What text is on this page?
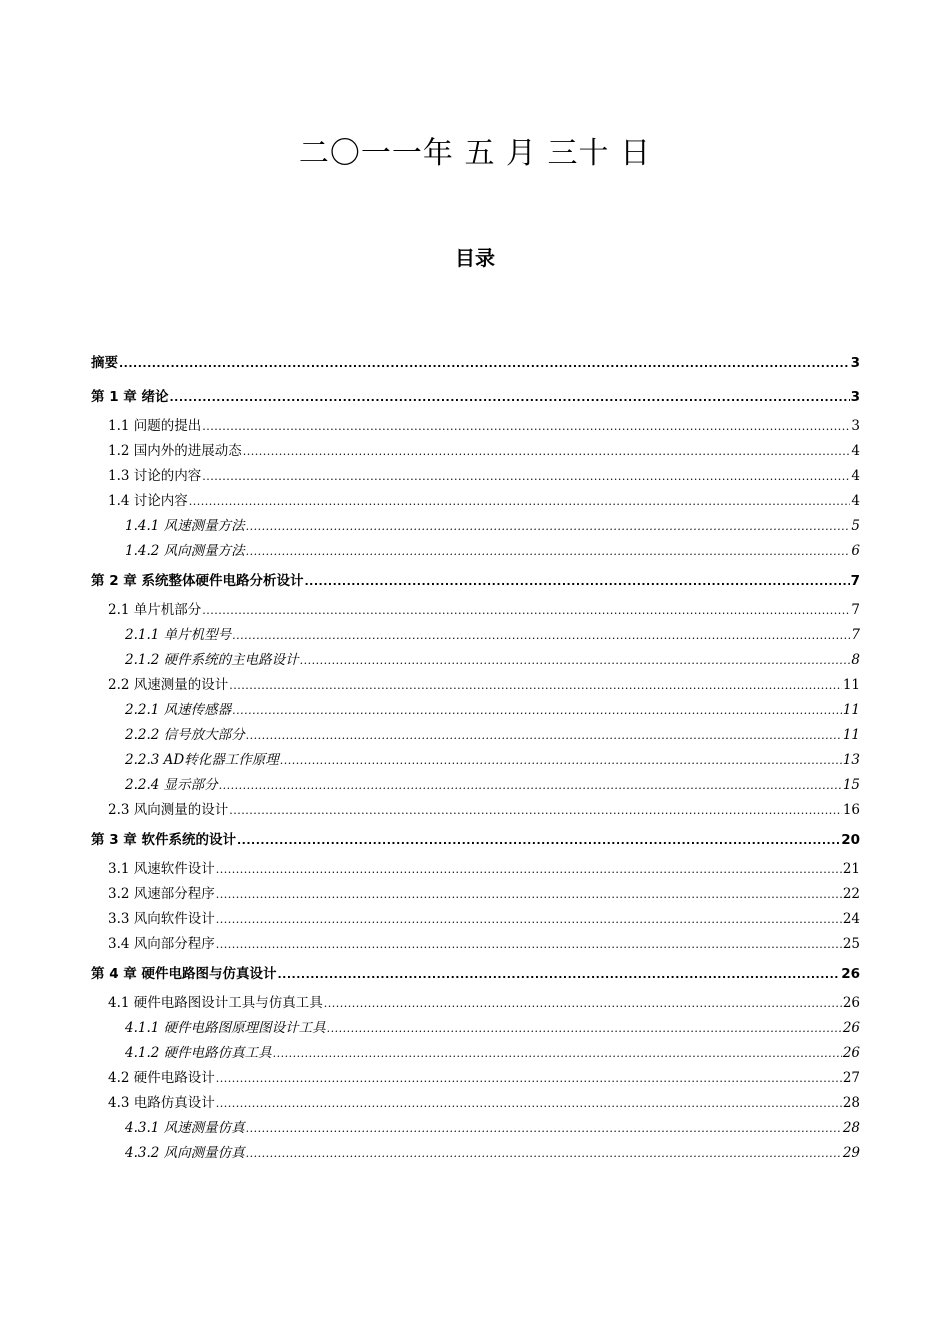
二〇一一年 五 月 三十 日
目录
摘要 .....	3
第 1 章 绪论 .....	3
1.1 问题的提出 .....	3
1.2 国内外的进展动态 .....	4
1.3 讨论的内容 .....	4
1.4 讨论内容 .....	4
1.4.1 风速测量方法 .....	5
1.4.2 风向测量方法 .....	6
第 2 章 系统整体硬件电路分析设计 .....	7
2.1 单片机部分 .....	7
2.1.1 单片机型号 .....	7
2.1.2 硬件系统的主电路设计 .....	8
2.2 风速测量的设计 .....	11
2.2.1 风速传感器 .....	11
2.2.2 信号放大部分 .....	11
2.2.3 AD转化器工作原理 .....	13
2.2.4 显示部分 .....	15
2.3 风向测量的设计 .....	16
第 3 章 软件系统的设计 .....	20
3.1 风速软件设计 .....	21
3.2 风速部分程序 .....	22
3.3 风向软件设计 .....	24
3.4 风向部分程序 .....	25
第 4 章 硬件电路图与仿真设计 .....	26
4.1 硬件电路图设计工具与仿真工具 .....	26
4.1.1 硬件电路图原理图设计工具 .....	26
4.1.2 硬件电路仿真工具 .....	26
4.2 硬件电路设计 .....	27
4.3 电路仿真设计 .....	28
4.3.1 风速测量仿真 .....	28
4.3.2 风向测量仿真 .....	29
